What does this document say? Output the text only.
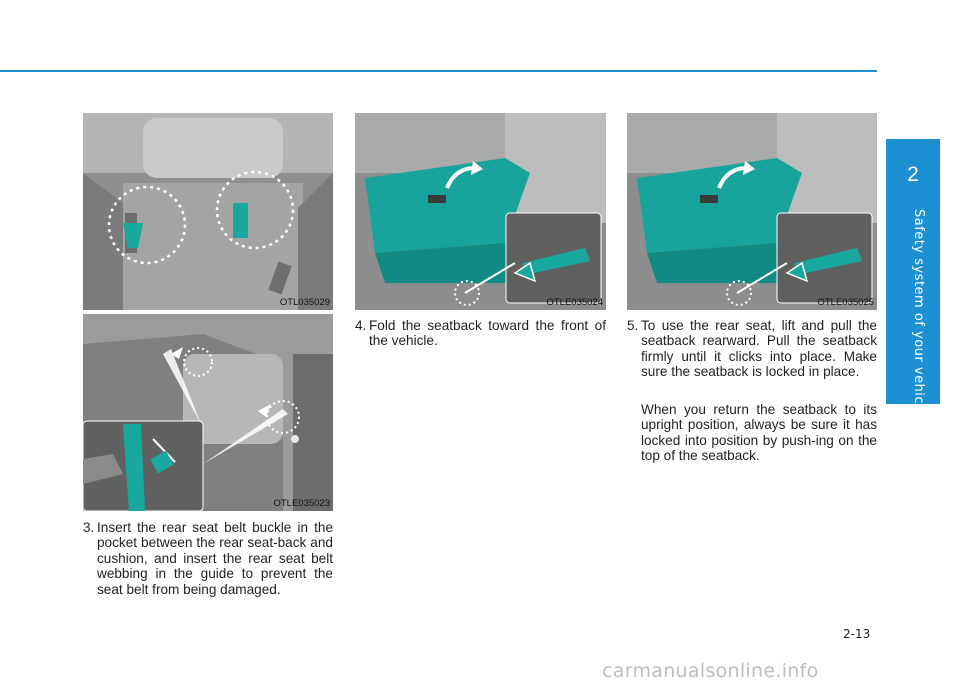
2
Safety system of your vehicle
OTL035029
OTLE035023
OTLE035024	OTLE035025
3. Insert the rear seat belt buckle in the pocket between the rear seat-back and cushion, and insert the rear seat belt webbing in the guide to prevent the seat belt from being damaged.
4. Fold the seatback toward the front of the vehicle.
5. To use the rear seat, lift and pull the seatback rearward. Pull the seatback firmly until it clicks into place. Make sure the seatback is locked in place.
When you return the seatback to its upright position, always be sure it has locked into position by push-ing on the top of the seatback.
2-13
carmanualsonline.info
